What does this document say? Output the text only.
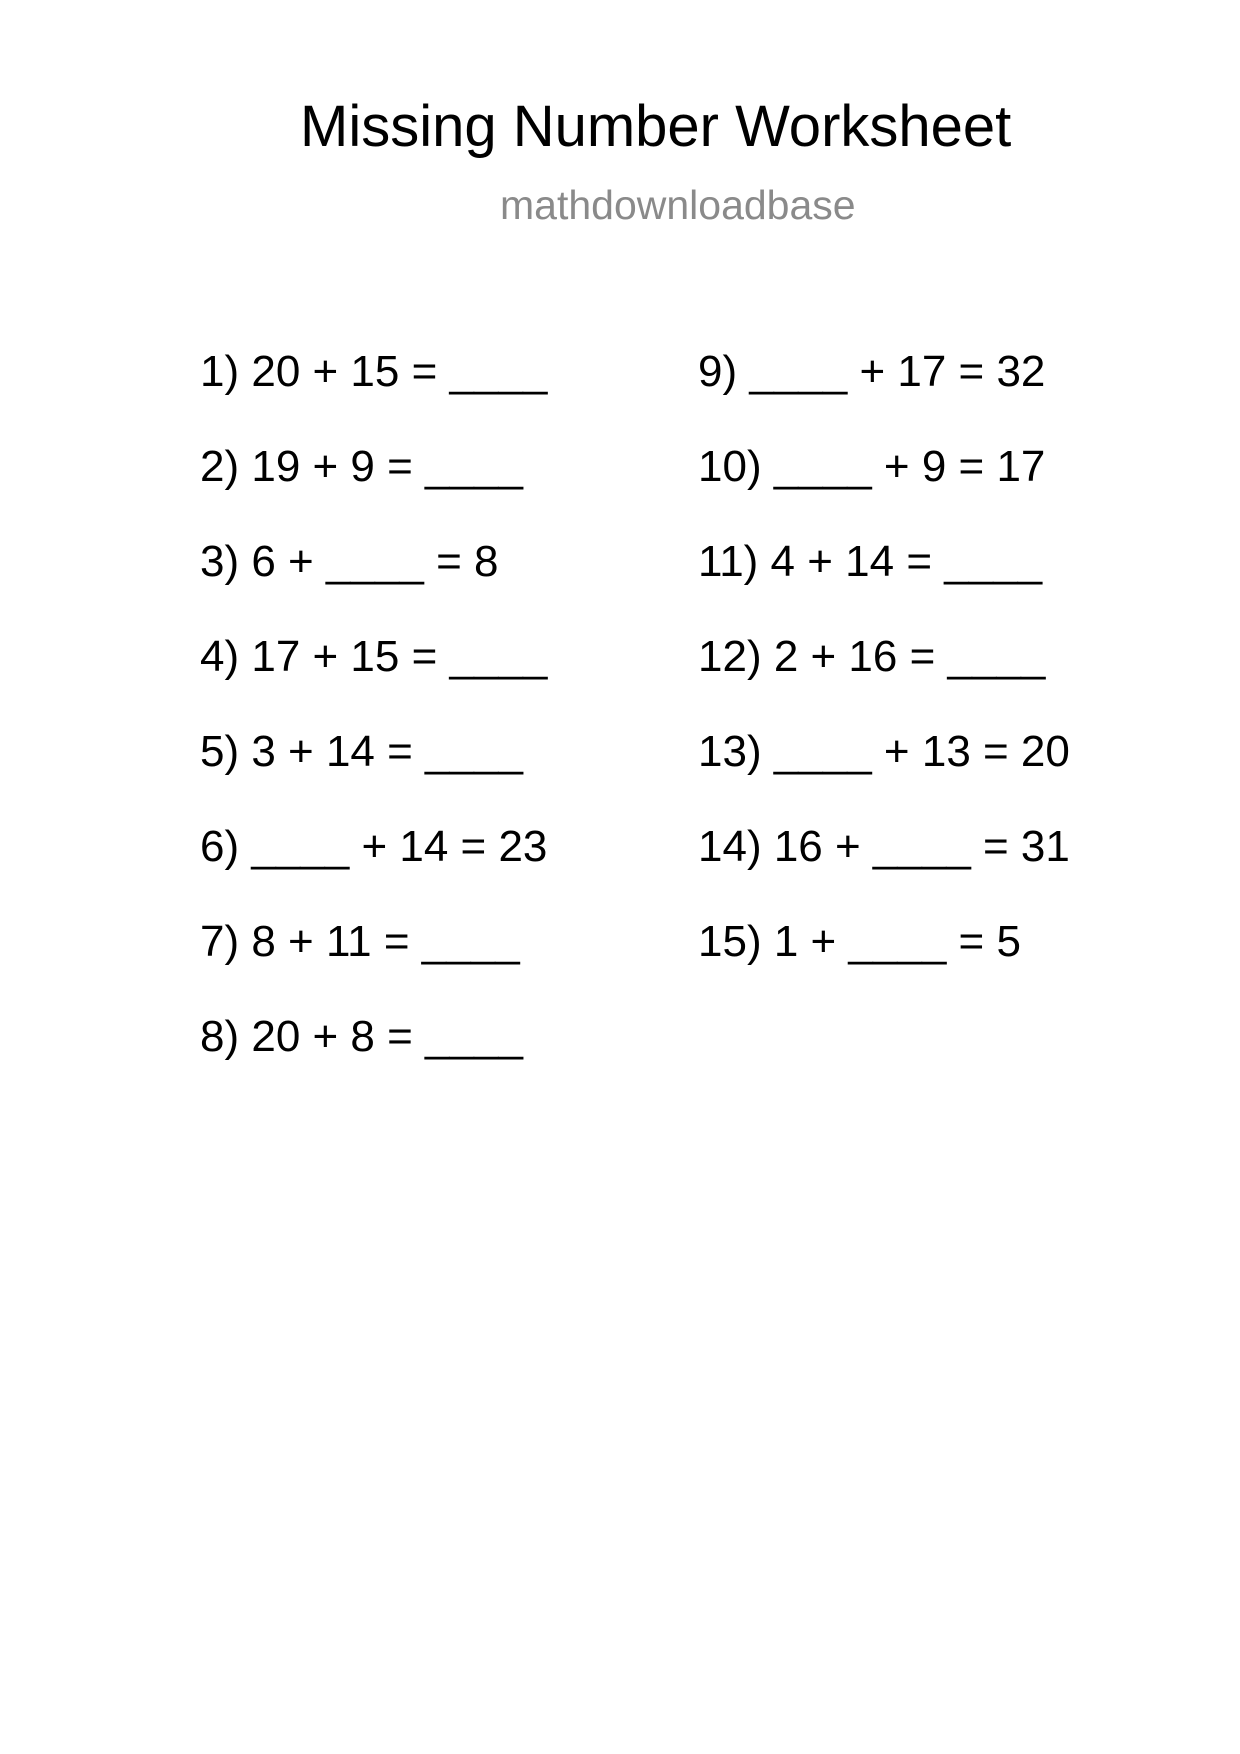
Missing Number Worksheet
mathdownloadbase
1) 20 + 15 = ____
2) 19 + 9 = ____
3) 6 + ____ = 8
4) 17 + 15 = ____
5) 3 + 14 = ____
6) ____ + 14 = 23
7) 8 + 11 = ____
8) 20 + 8 = ____
9) ____ + 17 = 32
10) ____ + 9 = 17
11) 4 + 14 = ____
12) 2 + 16 = ____
13) ____ + 13 = 20
14) 16 + ____ = 31
15) 1 + ____ = 5
